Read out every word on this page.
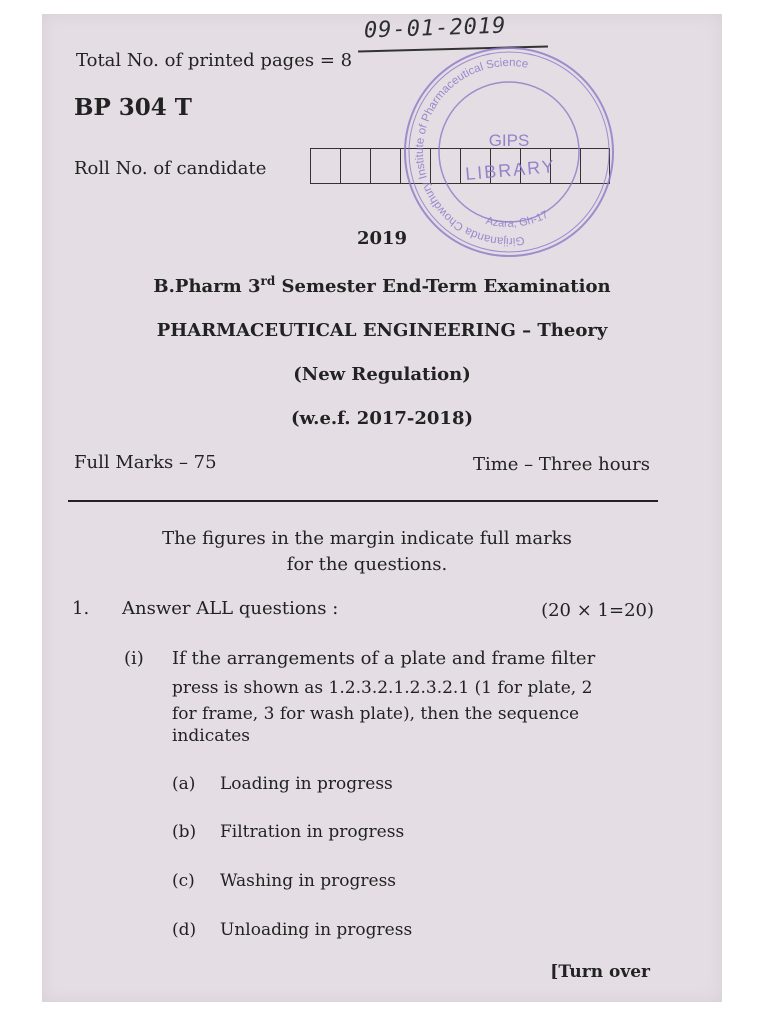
09-01-2019
Total No. of printed pages = 8
BP 304 T
Roll No. of candidate
Girijananda Chowdhury Institute of Pharmaceutical Science
Azara, Gh-17
GIPS
LIBRARY
2019
B.Pharm 3rd Semester End-Term Examination
PHARMACEUTICAL ENGINEERING – Theory
(New Regulation)
(w.e.f. 2017-2018)
Full Marks – 75	Time – Three hours
The figures in the margin indicate full marks
for the questions.
1. Answer ALL questions :	(20 × 1=20)
(i) If the arrangements of a plate and frame filter
press is shown as 1.2.3.2.1.2.3.2.1 (1 for plate, 2
for frame, 3 for wash plate), then the sequence
indicates
(a)	Loading in progress
(b)	Filtration in progress
(c)	Washing in progress
(d)	Unloading in progress
[Turn over
